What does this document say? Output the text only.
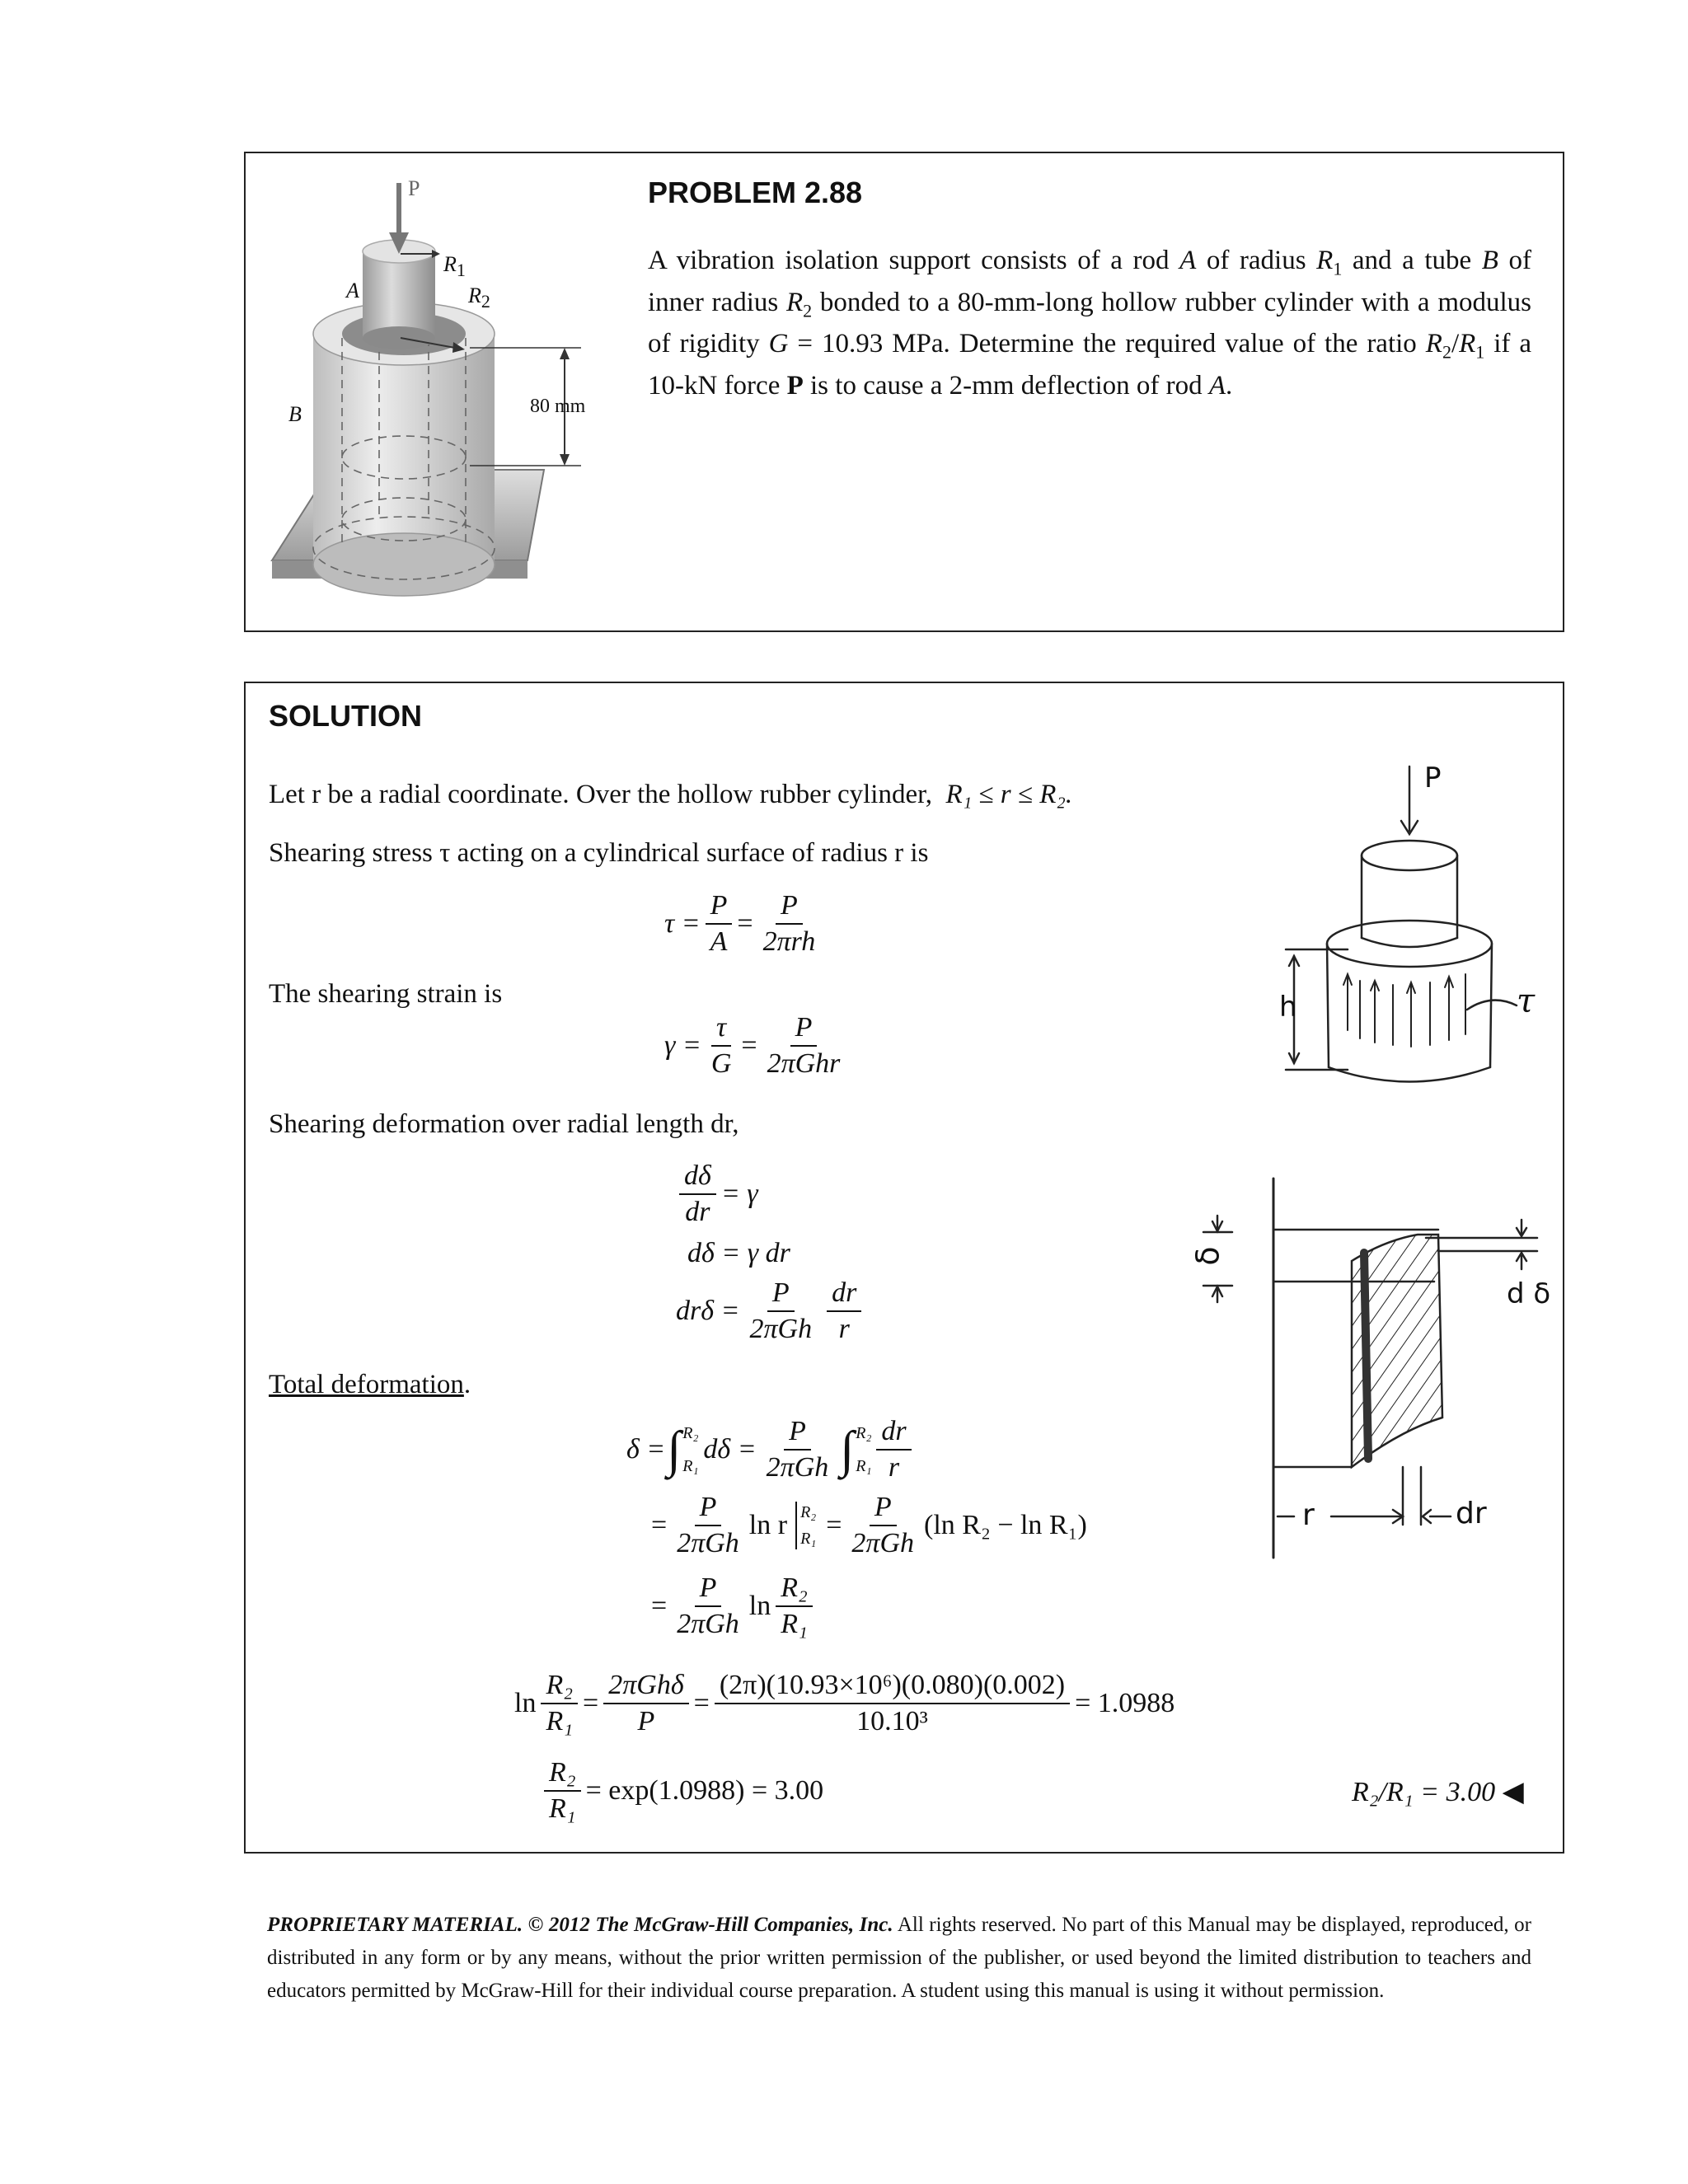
P
$R_1$
A	$R_2$
80 mm
B
PROBLEM 2.88
A vibration isolation support consists of a rod A of radius $R_1$ and a tube B of inner radius $R_2$ bonded to a 80-mm-long hollow rubber cylinder with a modulus of rigidity G = 10.93 MPa. Determine the required value of the ratio $R_2/R_1$ if a 10-kN force P is to cause a 2-mm deflection of rod A.
SOLUTION
Let r be a radial coordinate. Over the hollow rubber cylinder, R₁ ≤ r ≤ R₂.
Shearing stress τ acting on a cylindrical surface of radius r is
$\tau = \frac{P}{A} = \frac{P}{\text{2πrh}}$
The shearing strain is
$\gamma = \frac{\tau}{G} = \frac{P}{\text{2πGhr}}$
Shearing deformation over radial length dr,
$\frac{d\delta}{dr} = \gamma$
dδ = γ dr
$dr\delta = \frac{P}{\text{2πGh}} \frac{dr}{r}$
Total deformation.
δ = ∫ R₂
R₁
$d\delta = \frac{P}{\text{2πGh}}$ ∫ R₂
$R_1 \frac{dr}{r}$
= $\frac{P}{\text{2πGh}}$ ln r R₂
$R_1 = \frac{P}{\text{2πGh}} (\ln$ R₂ − ln R₁)
= $\frac{P}{\text{2πGh}}$ $\ln \frac{\text{R₂}}{\text{R₁}}$
$\ln \frac{\text{R₂}}{\text{R₁}} = \frac{\text{2πGhδ}}{P} = \frac{\text{(2π)(10.93×10⁶)(0.080)(0.002)}}{\text{10.10³}} = 1.0988$
$\frac{\text{R₂}}{\text{R₁}} = \exp(1.0988) = 3.00$	R₂/R₁ = 3.00 ◀
P
h	τ
δ
d δ
r	dr
PROPRIETARY MATERIAL. © 2012 The McGraw-Hill Companies, Inc. All rights reserved. No part of this Manual may be displayed, reproduced, or distributed in any form or by any means, without the prior written permission of the publisher, or used beyond the limited distribution to teachers and educators permitted by McGraw-Hill for their individual course preparation. A student using this manual is using it without permission.
